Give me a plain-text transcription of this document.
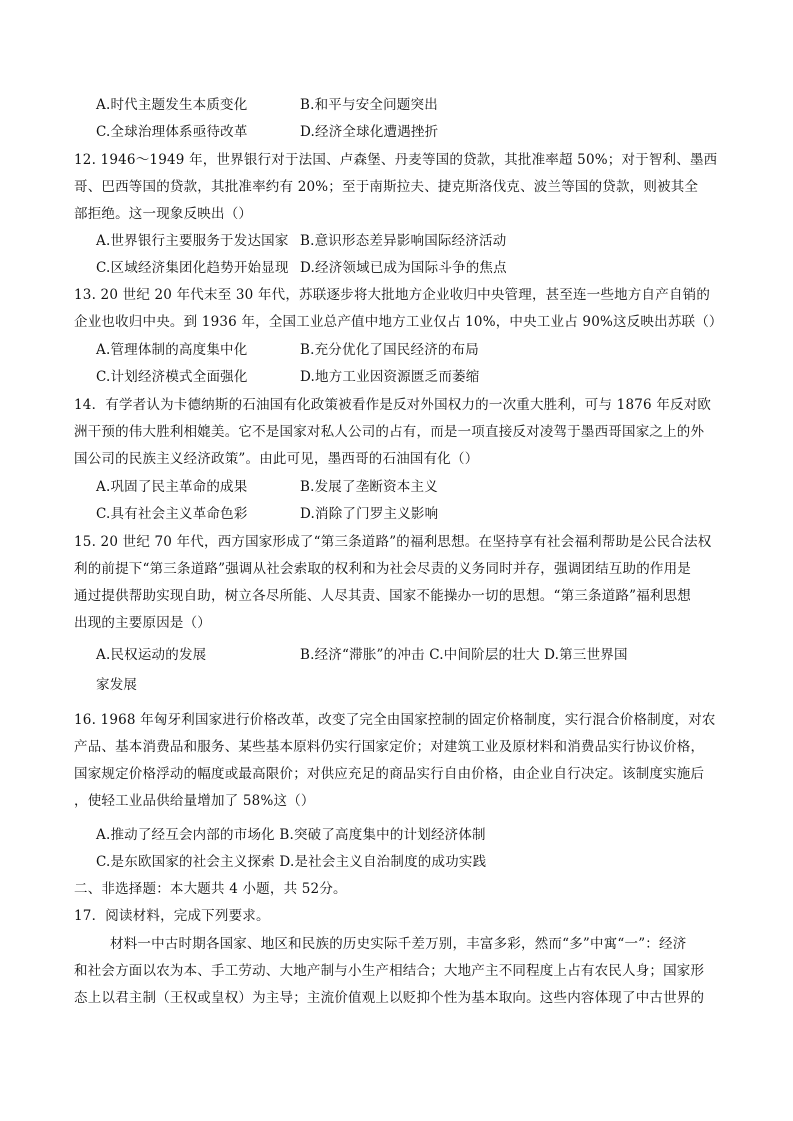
A.时代主题发生本质变化	B.和平与安全问题突出
C.全球治理体系亟待改革	D.经济全球化遭遇挫折
12. 1946～1949 年，世界银行对于法国、卢森堡、丹麦等国的贷款，其批准率超 50%；对于智利、墨西
哥、巴西等国的贷款，其批准率约有 20%；至于南斯拉夫、捷克斯洛伐克、波兰等国的贷款，则被其全
部拒绝。这一现象反映出（）
A.世界银行主要服务于发达国家 B.意识形态差异影响国际经济活动
C.区域经济集团化趋势开始显现 D.经济领域已成为国际斗争的焦点
13. 20 世纪 20 年代末至 30 年代，苏联逐步将大批地方企业收归中央管理，甚至连一些地方自产自销的
企业也收归中央。到 1936 年，全国工业总产值中地方工业仅占 10%，中央工业占 90%这反映出苏联（）
A.管理体制的高度集中化	B.充分优化了国民经济的布局
C.计划经济模式全面强化	D.地方工业因资源匮乏而萎缩
14．有学者认为卡德纳斯的石油国有化政策被看作是反对外国权力的一次重大胜利，可与 1876 年反对欧
洲干预的伟大胜利相媲美。它不是国家对私人公司的占有，而是一项直接反对凌驾于墨西哥国家之上的外
国公司的民族主义经济政策”。由此可见，墨西哥的石油国有化（）
A.巩固了民主革命的成果	B.发展了垄断资本主义
C.具有社会主义革命色彩	D.消除了门罗主义影响
15. 20 世纪 70 年代，西方国家形成了“第三条道路”的福利思想。在坚持享有社会福利帮助是公民合法权
利的前提下“第三条道路”强调从社会索取的权利和为社会尽责的义务同时并存，强调团结互助的作用是
通过提供帮助实现自助，树立各尽所能、人尽其责、国家不能操办一切的思想。“第三条道路”福利思想
出现的主要原因是（）
A.民权运动的发展	B.经济“滞胀”的冲击 C.中间阶层的壮大 D.第三世界国
家发展
16. 1968 年匈牙利国家进行价格改革，改变了完全由国家控制的固定价格制度，实行混合价格制度，对农
产品、基本消费品和服务、某些基本原料仍实行国家定价；对建筑工业及原材料和消费品实行协议价格，
国家规定价格浮动的幅度或最高限价；对供应充足的商品实行自由价格，由企业自行决定。该制度实施后
，使轻工业品供给量增加了 58%这（）
A.推动了经互会内部的市场化 B.突破了高度集中的计划经济体制
C.是东欧国家的社会主义探索 D.是社会主义自治制度的成功实践
二、非选择题：本大题共 4 小题，共 52分。
17．阅读材料，完成下列要求。
材料一中古时期各国家、地区和民族的历史实际千差万别，丰富多彩，然而“多”中寓“一”：经济
和社会方面以农为本、手工劳动、大地产制与小生产相结合；大地产主不同程度上占有农民人身；国家形
态上以君主制（王权或皇权）为主导；主流价值观上以贬抑个性为基本取向。这些内容体现了中古世界的
